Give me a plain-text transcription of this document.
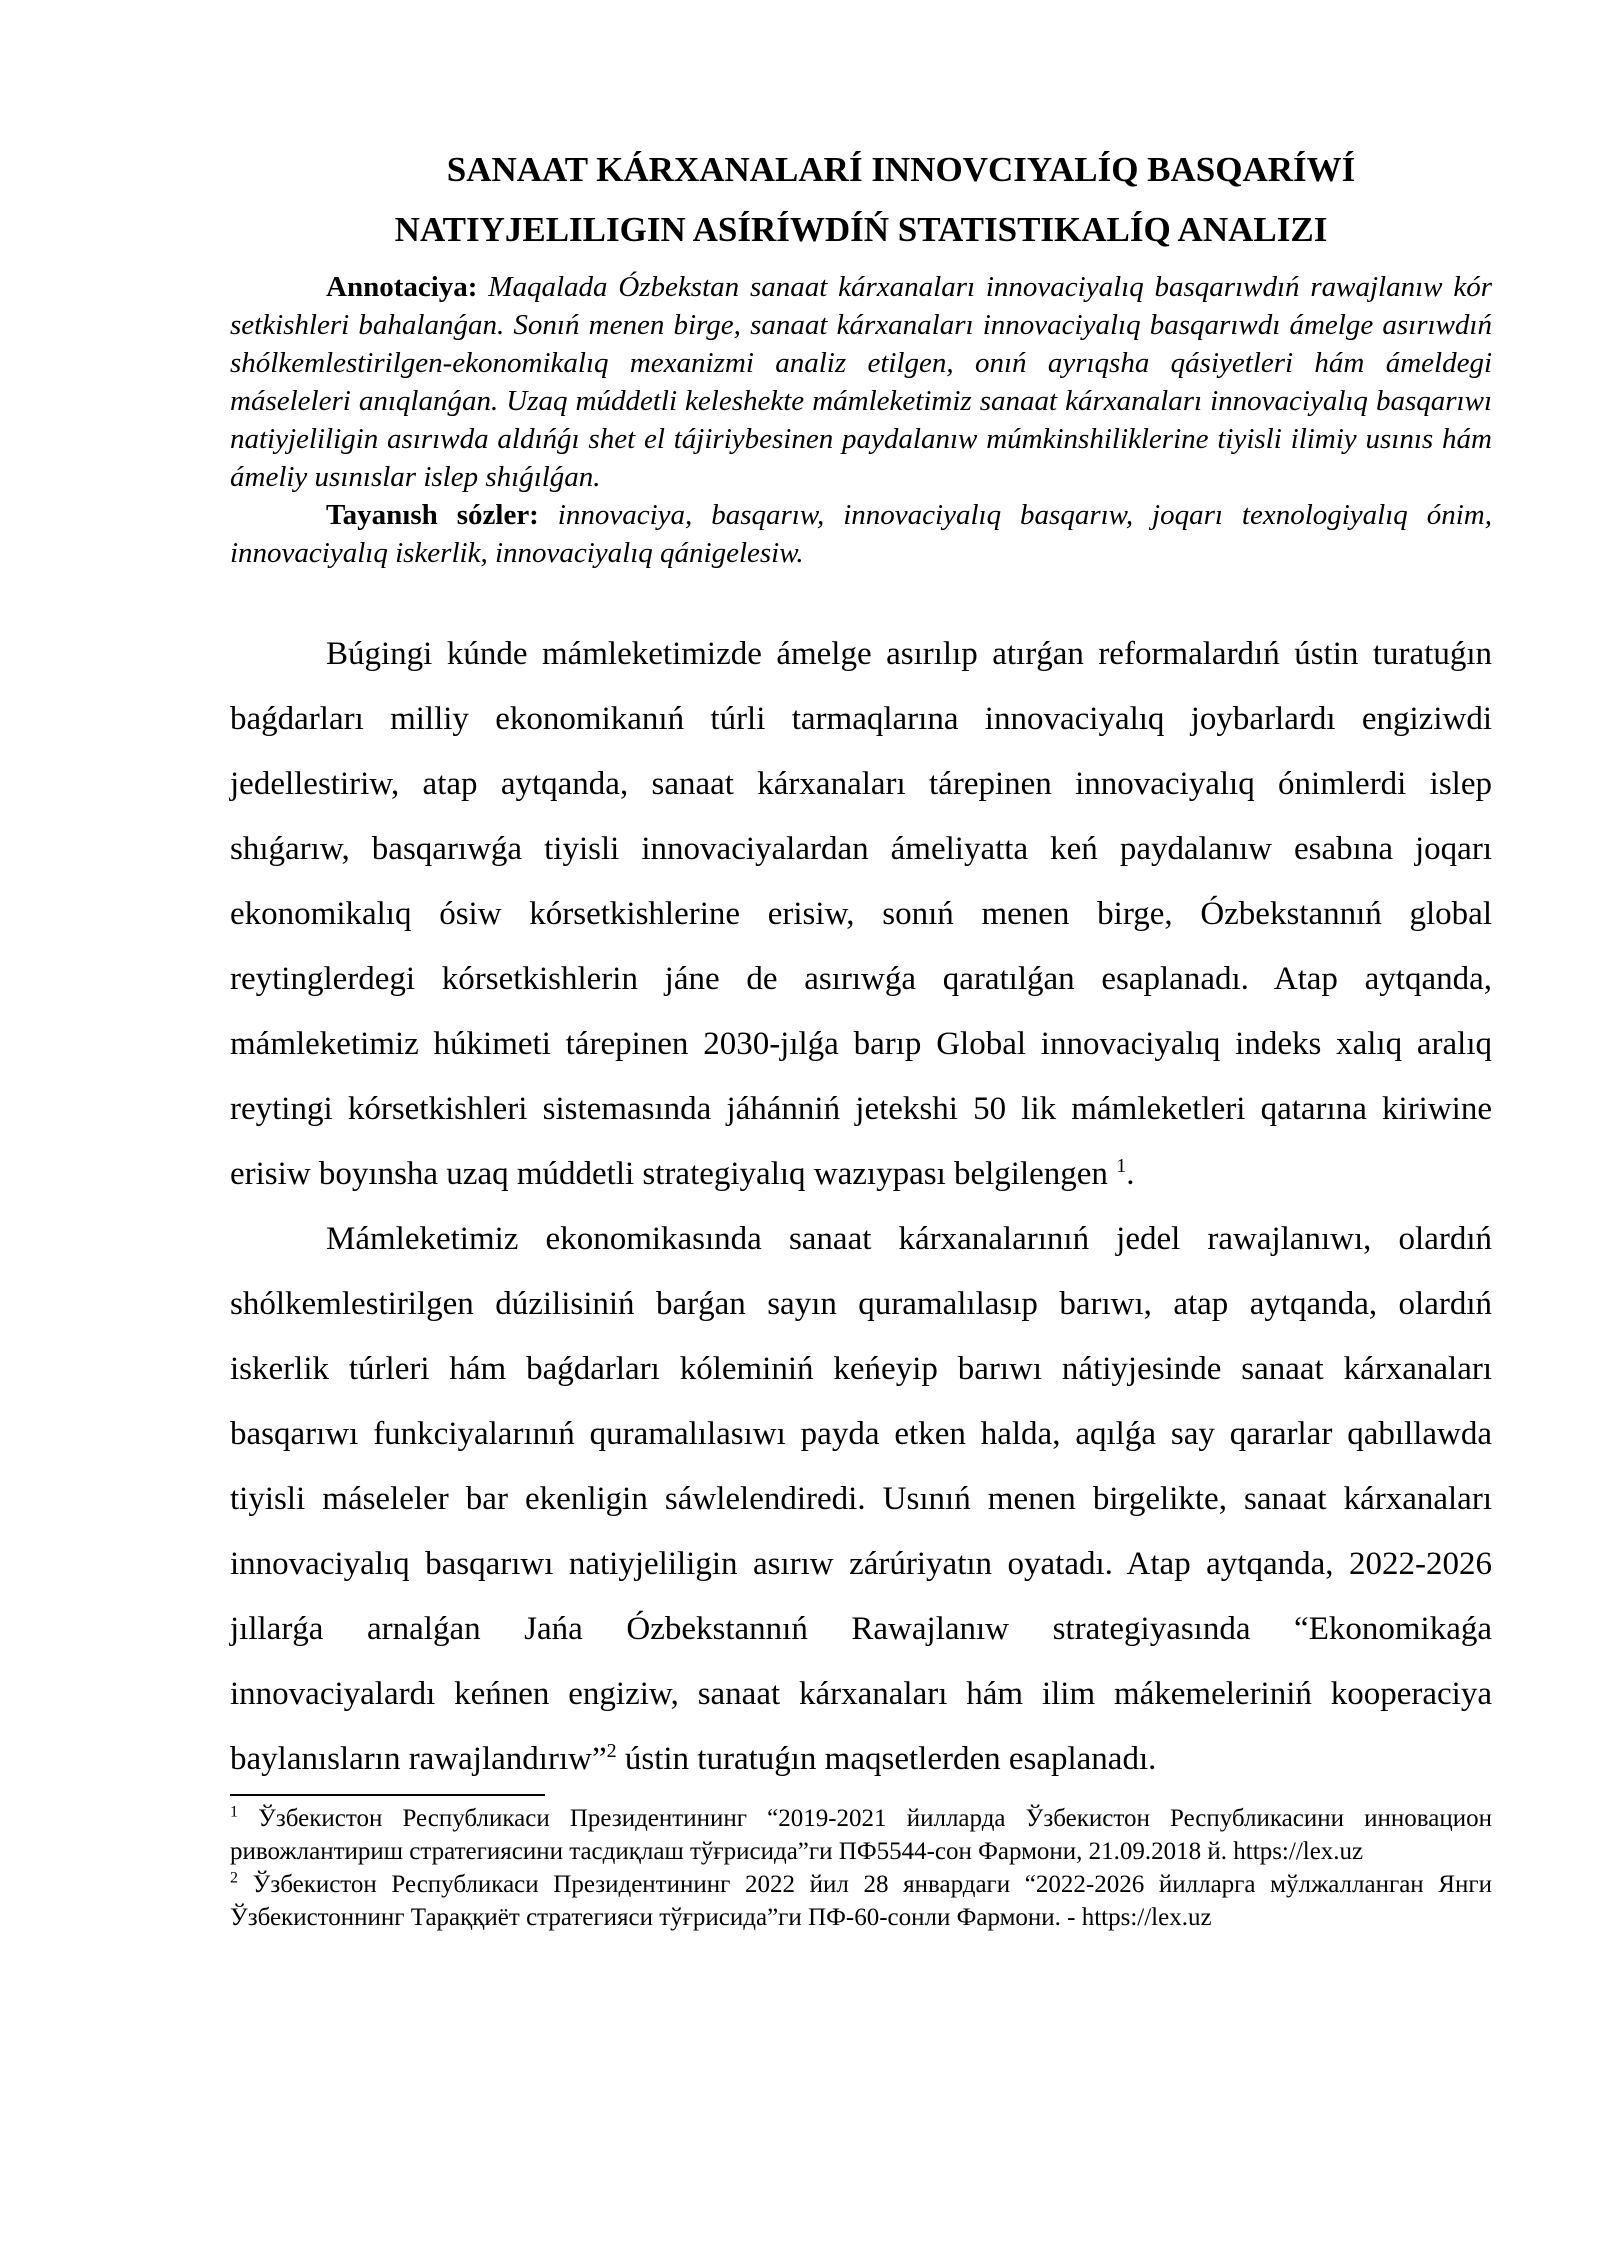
SANAAT KÁRXANALARÍ INNOVCIYALÍQ BASQARÍWÍ
NATIYJELILIGIN ASÍRÍWDÍŃ STATISTIKALÍQ ANALIZI

Annotaciya: Maqalada Ózbekstan sanaat kárxanaları innovaciyalıq basqarıwdıń rawajlanıw kór setkishleri bahalanǵan. Sonıń menen birge, sanaat kárxanaları innovaciyalıq basqarıwdı ámelge asırıwdıń shólkemlestirilgen-ekonomikalıq mexanizmi analiz etilgen, onıń ayrıqsha qásiyetleri hám ámeldegi máseleleri anıqlanǵan. Uzaq múddetli keleshekte mámleketimiz sanaat kárxanaları innovaciyalıq basqarıwı natiyjeliligin asırıwda aldıńǵı shet el tájiriybesinen paydalanıw múmkinshiliklerine tiyisli ilimiy usınıs hám ámeliy usınıslar islep shıǵılǵan.

Tayanısh sózler: innovaciya, basqarıw, innovaciyalıq basqarıw, joqarı texnologiyalıq ónim, innovaciyalıq iskerlik, innovaciyalıq qánigelesiw.

Búgingi kúnde mámleketimizde ámelge asırılıp atırǵan reformalardıń ústin turatuǵın baǵdarları milliy ekonomikanıń túrli tarmaqlarına innovaciyalıq joybarlardı engiziwdi jedellestiriw, atap aytqanda, sanaat kárxanaları tárepinen innovaciyalıq ónimlerdi islep shıǵarıw, basqarıwǵa tiyisli innovaciyalardan ámeliyatta keń paydalanıw esabına joqarı ekonomikalıq ósiw kórsetkishlerine erisiw, sonıń menen birge, Ózbekstannıń global reytinglerdegi kórsetkishlerin jáne de asırıwǵa qaratılǵan esaplanadı. Atap aytqanda, mámleketimiz húkimeti tárepinen 2030-jılǵa barıp Global innovaciyalıq indeks xalıq aralıq reytingi kórsetkishleri sistemasında jáhánniń jetekshi 50 lik mámleketleri qatarına kiriwine erisiw boyınsha uzaq múddetli strategiyalıq wazıypası belgilengen $^1$.

Mámleketimiz ekonomikasında sanaat kárxanalarınıń jedel rawajlanıwı, olardıń shólkemlestirilgen dúzilisiniń barǵan sayın quramalılasıp barıwı, atap aytqanda, olardıń iskerlik túrleri hám baǵdarları kóleminiń keńeyip barıwı nátiyjesinde sanaat kárxanaları basqarıwı funkciyalarınıń quramalılasıwı payda etken halda, aqılǵa say qararlar qabıllawda tiyisli máseleler bar ekenligin sáwlelendiredi. Usınıń menen birgelikte, sanaat kárxanaları innovaciyalıq basqarıwı natiyjeliligin asırıw zárúriyatın oyatadı. Atap aytqanda, 2022-2026 jıllarǵa arnalǵan Jańa Ózbekstannıń Rawajlanıw strategiyasında “Ekonomikaǵa innovaciyalardı keńnen engiziw, sanaat kárxanaları hám ilim mákemeleriniń kooperaciya baylanısların rawajlandırıw”$^2$ ústin turatuǵın maqsetlerden esaplanadı.

$^1$ Ўзбекистон Республикаси Президентининг “2019-2021 йилларда Ўзбекистон Республикасини инновацион ривожлантириш стратегиясини тасдиқлаш тўғрисида”ги ПФ5544-сон Фармони, 21.09.2018 й. https://lex.uz

$^2$ Ўзбекистон Республикаси Президентининг 2022 йил 28 январдаги “2022-2026 йилларга мўлжалланган Янги Ўзбекистоннинг Тараққиёт стратегияси тўғрисида”ги ПФ-60-сонли Фармони. - https://lex.uz
